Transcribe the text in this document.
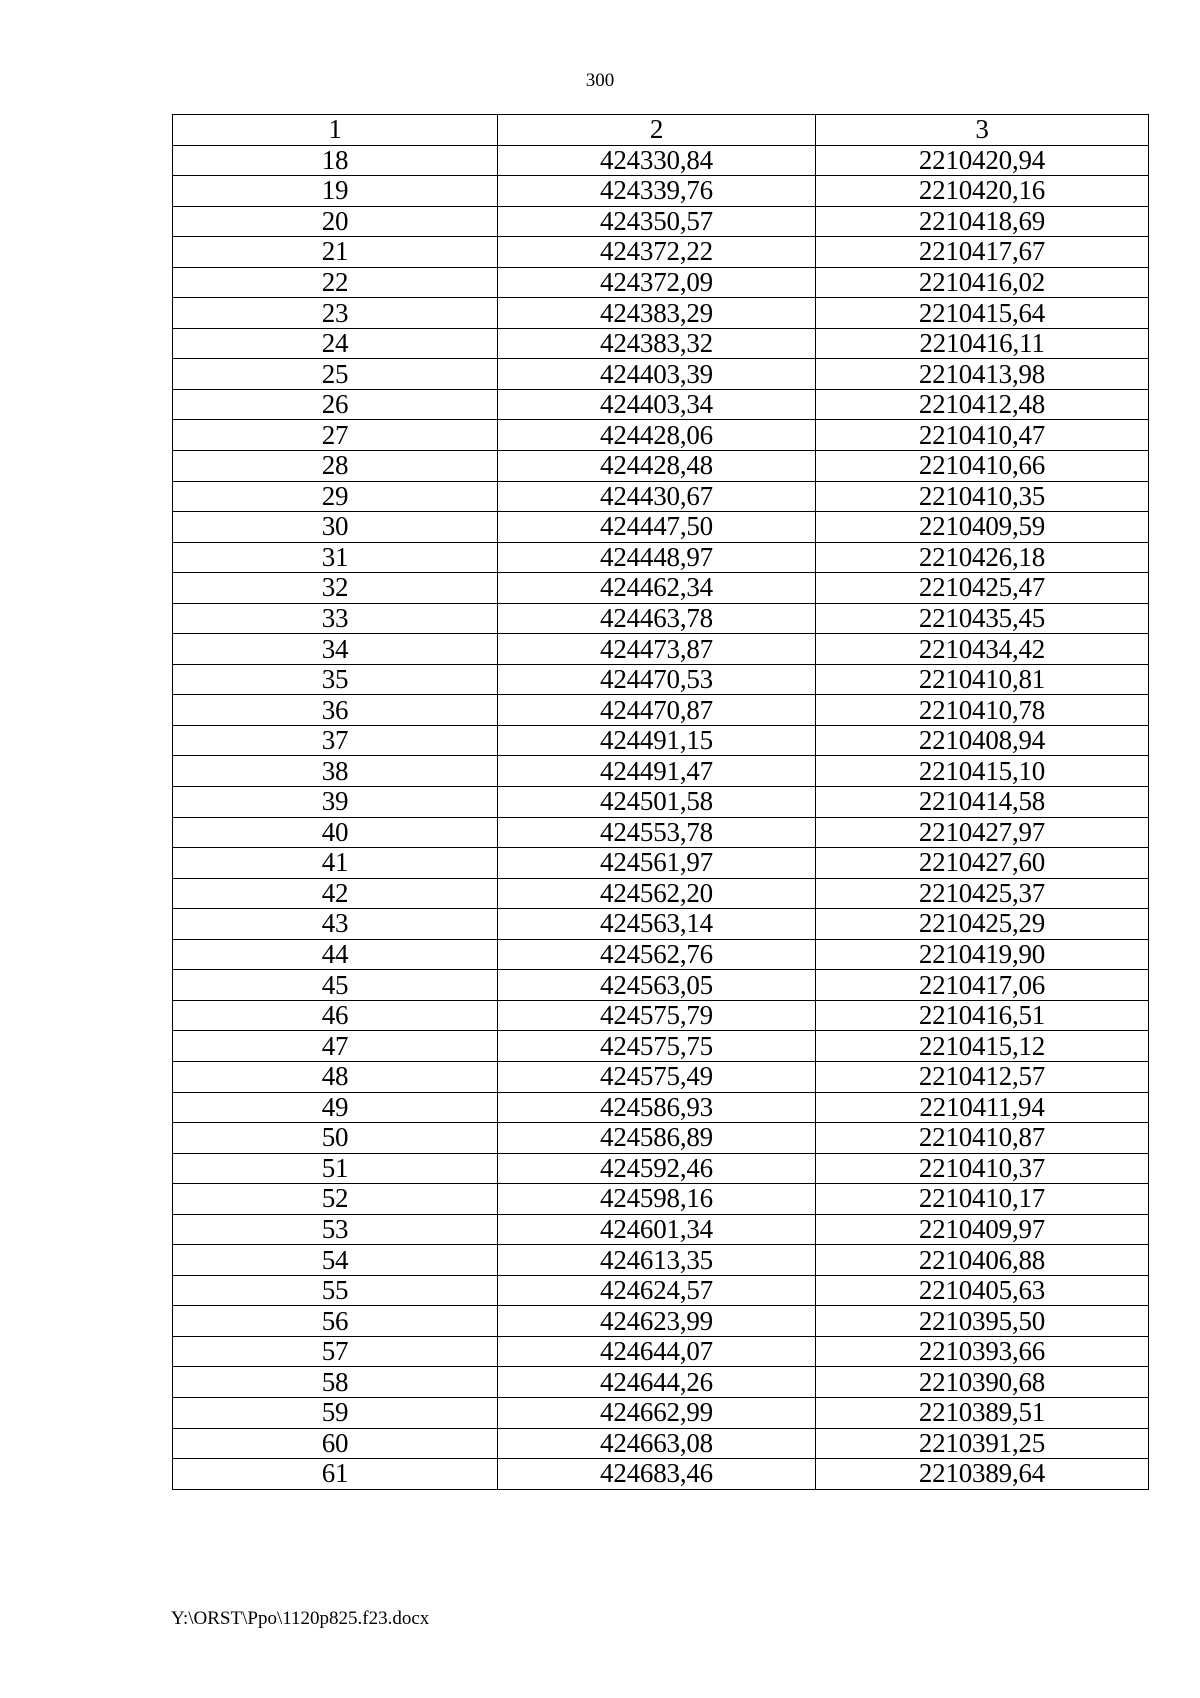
300
1	2	3
18	424330,84	2210420,94
19	424339,76	2210420,16
20	424350,57	2210418,69
21	424372,22	2210417,67
22	424372,09	2210416,02
23	424383,29	2210415,64
24	424383,32	2210416,11
25	424403,39	2210413,98
26	424403,34	2210412,48
27	424428,06	2210410,47
28	424428,48	2210410,66
29	424430,67	2210410,35
30	424447,50	2210409,59
31	424448,97	2210426,18
32	424462,34	2210425,47
33	424463,78	2210435,45
34	424473,87	2210434,42
35	424470,53	2210410,81
36	424470,87	2210410,78
37	424491,15	2210408,94
38	424491,47	2210415,10
39	424501,58	2210414,58
40	424553,78	2210427,97
41	424561,97	2210427,60
42	424562,20	2210425,37
43	424563,14	2210425,29
44	424562,76	2210419,90
45	424563,05	2210417,06
46	424575,79	2210416,51
47	424575,75	2210415,12
48	424575,49	2210412,57
49	424586,93	2210411,94
50	424586,89	2210410,87
51	424592,46	2210410,37
52	424598,16	2210410,17
53	424601,34	2210409,97
54	424613,35	2210406,88
55	424624,57	2210405,63
56	424623,99	2210395,50
57	424644,07	2210393,66
58	424644,26	2210390,68
59	424662,99	2210389,51
60	424663,08	2210391,25
61	424683,46	2210389,64
Y:\ORST\Ppo\1120p825.f23.docx
